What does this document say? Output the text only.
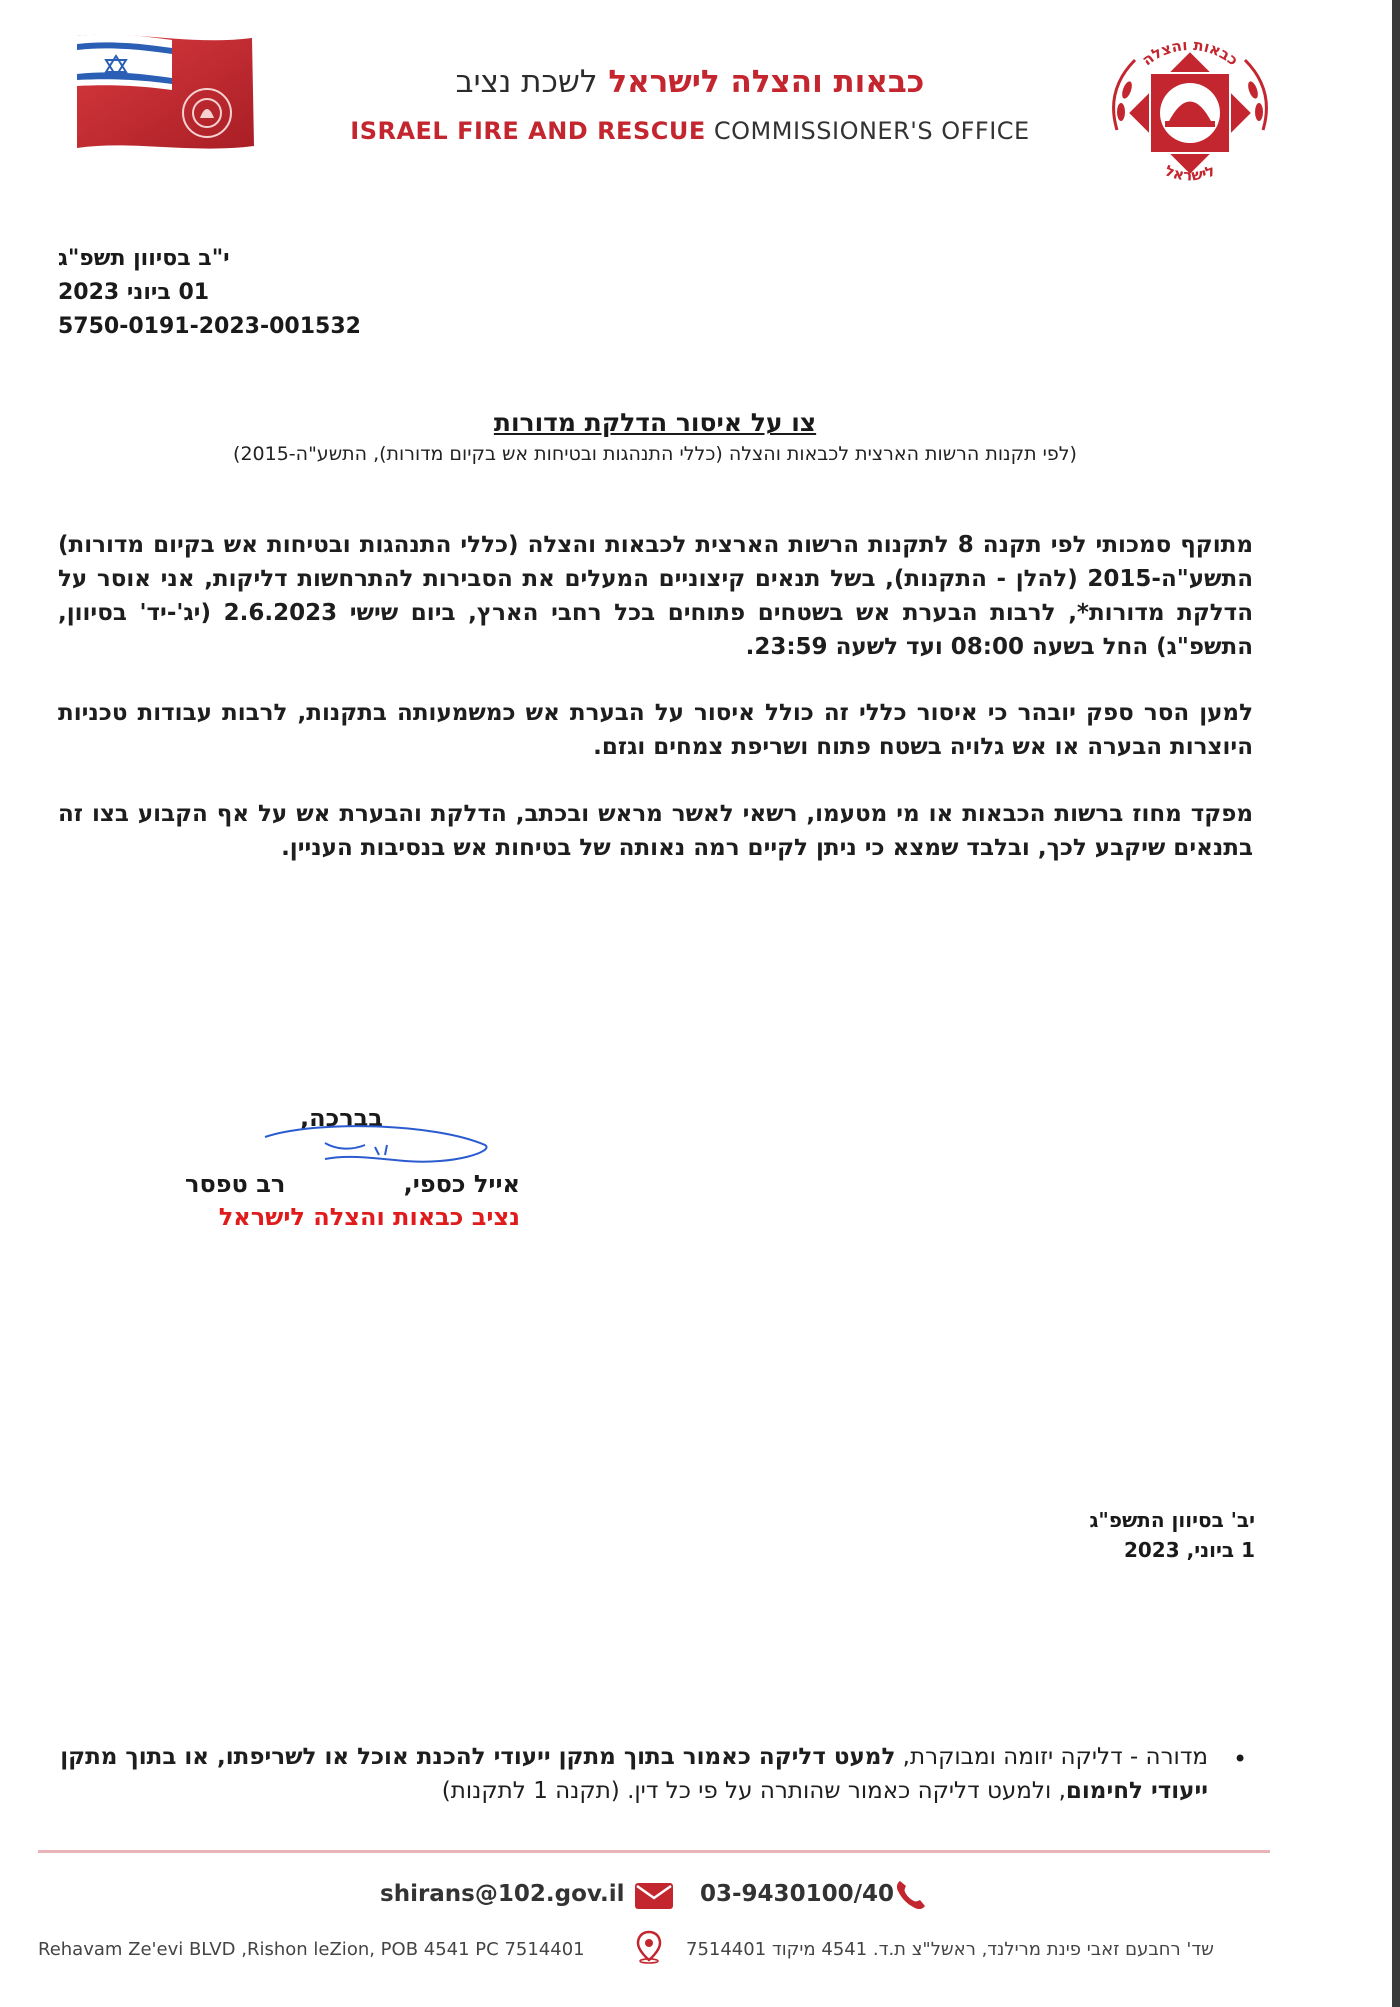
כבאות והצלה לישראל לשכת נציב
ISRAEL FIRE AND RESCUE COMMISSIONER'S OFFICE
כבאות והצלה
לישראל
י"ב בסיוון תשפ"ג
01 ביוני 2023
5750-0191-2023-001532
צו על איסור הדלקת מדורות
(לפי תקנות הרשות הארצית לכבאות והצלה (כללי התנהגות ובטיחות אש בקיום מדורות), התשע"ה-2015)
מתוקף סמכותי לפי תקנה 8 לתקנות הרשות הארצית לכבאות והצלה (כללי התנהגות ובטיחות אש בקיום מדורות) התשע"ה-2015 (להלן - התקנות), בשל תנאים קיצוניים המעלים את הסבירות להתרחשות דליקות, אני אוסר על הדלקת מדורות*, לרבות הבערת אש בשטחים פתוחים בכל רחבי הארץ, ביום שישי 2.6.2023 (יג'-יד' בסיוון, התשפ"ג) החל בשעה 08:00 ועד לשעה 23:59.
למען הסר ספק יובהר כי איסור כללי זה כולל איסור על הבערת אש כמשמעותה בתקנות, לרבות עבודות טכניות היוצרות הבערה או אש גלויה בשטח פתוח ושריפת צמחים וגזם.
מפקד מחוז ברשות הכבאות או מי מטעמו, רשאי לאשר מראש ובכתב, הדלקת והבערת אש על אף הקבוע בצו זה בתנאים שיקבע לכך, ובלבד שמצא כי ניתן לקיים רמה נאותה של בטיחות אש בנסיבות העניין.
בברכה,
אייל כספי,
רב טפסר
נציב כבאות והצלה לישראל
יב' בסיוון התשפ"ג
1 ביוני, 2023
•
מדורה - דליקה יזומה ומבוקרת, למעט דליקה כאמור בתוך מתקן ייעודי להכנת אוכל או לשריפתו, או בתוך מתקן ייעודי לחימום, ולמעט דליקה כאמור שהותרה על פי כל דין. (תקנה 1 לתקנות)
shirans@102.gov.il	03-9430100/40
Rehavam Ze'evi BLVD ,Rishon leZion, POB 4541 PC 7514401	שד' רחבעם זאבי פינת מרילנד, ראשל"צ ת.ד. 4541 מיקוד 7514401
